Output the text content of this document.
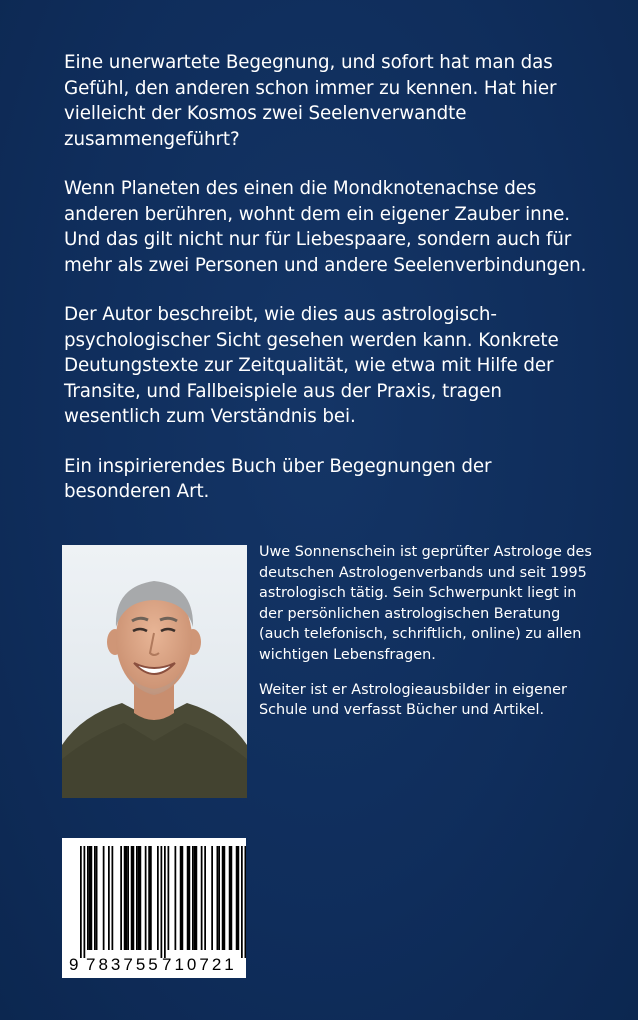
Eine unerwartete Begegnung, und sofort hat man das Gefühl, den anderen schon immer zu kennen. Hat hier vielleicht der Kosmos zwei Seelenverwandte zusammengeführt?

Wenn Planeten des einen die Mondknotenachse des anderen berühren, wohnt dem ein eigener Zauber inne. Und das gilt nicht nur für Liebespaare, sondern auch für mehr als zwei Personen und andere Seelenverbindungen.

Der Autor beschreibt, wie dies aus astrologisch-psychologischer Sicht gesehen werden kann. Konkrete Deutungstexte zur Zeitqualität, wie etwa mit Hilfe der Transite, und Fallbeispiele aus der Praxis, tragen wesentlich zum Verständnis bei.

Ein inspirierendes Buch über Begegnungen der besonderen Art.

Uwe Sonnenschein ist geprüfter Astrologe des deutschen Astrologenverbands und seit 1995 astrologisch tätig. Sein Schwerpunkt liegt in der persönlichen astrologischen Beratung (auch telefonisch, schriftlich, online) zu allen wichtigen Lebensfragen.

Weiter ist er Astrologieausbilder in eigener Schule und verfasst Bücher und Artikel.

9 783755 710721
